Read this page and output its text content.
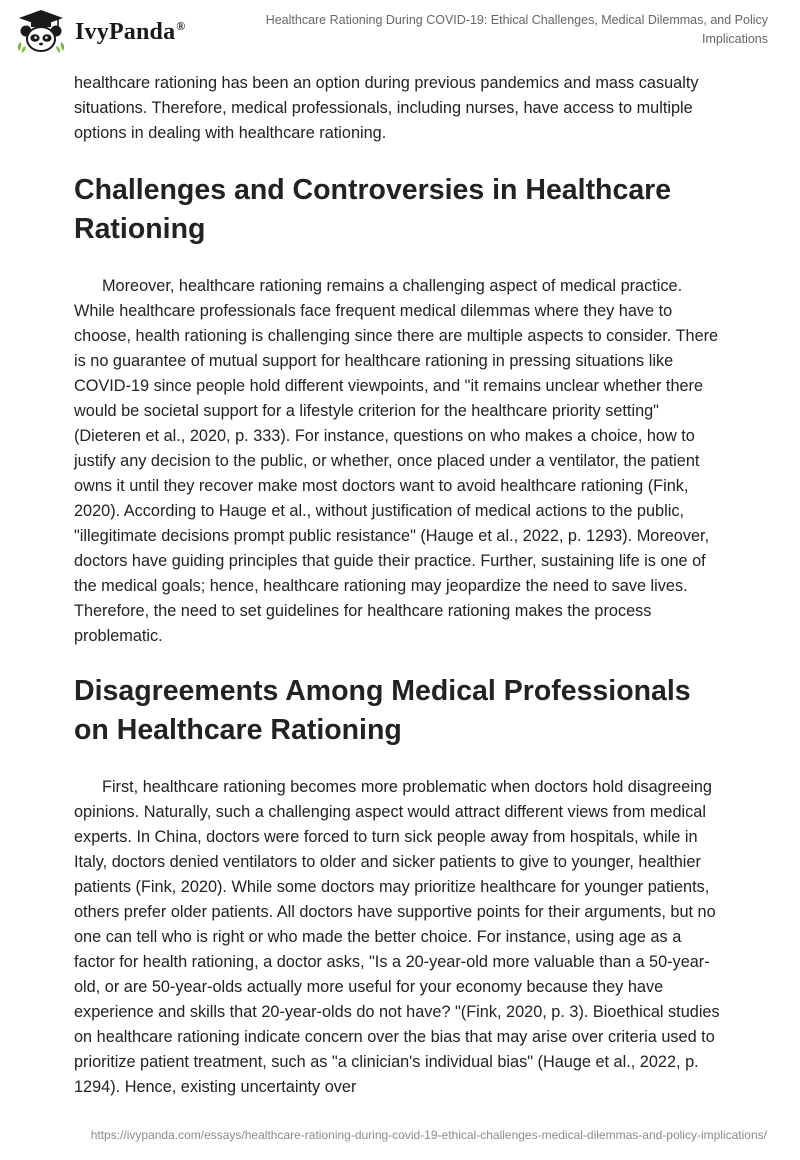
IvyPanda®	Healthcare Rationing During COVID-19: Ethical Challenges, Medical Dilemmas, and Policy Implications

healthcare rationing has been an option during previous pandemics and mass casualty situations. Therefore, medical professionals, including nurses, have access to multiple options in dealing with healthcare rationing.

Challenges and Controversies in Healthcare Rationing

Moreover, healthcare rationing remains a challenging aspect of medical practice. While healthcare professionals face frequent medical dilemmas where they have to choose, health rationing is challenging since there are multiple aspects to consider. There is no guarantee of mutual support for healthcare rationing in pressing situations like COVID-19 since people hold different viewpoints, and "it remains unclear whether there would be societal support for a lifestyle criterion for the healthcare priority setting" (Dieteren et al., 2020, p. 333). For instance, questions on who makes a choice, how to justify any decision to the public, or whether, once placed under a ventilator, the patient owns it until they recover make most doctors want to avoid healthcare rationing (Fink, 2020). According to Hauge et al., without justification of medical actions to the public, "illegitimate decisions prompt public resistance" (Hauge et al., 2022, p. 1293). Moreover, doctors have guiding principles that guide their practice. Further, sustaining life is one of the medical goals; hence, healthcare rationing may jeopardize the need to save lives. Therefore, the need to set guidelines for healthcare rationing makes the process problematic.

Disagreements Among Medical Professionals on Healthcare Rationing

First, healthcare rationing becomes more problematic when doctors hold disagreeing opinions. Naturally, such a challenging aspect would attract different views from medical experts. In China, doctors were forced to turn sick people away from hospitals, while in Italy, doctors denied ventilators to older and sicker patients to give to younger, healthier patients (Fink, 2020). While some doctors may prioritize healthcare for younger patients, others prefer older patients. All doctors have supportive points for their arguments, but no one can tell who is right or who made the better choice. For instance, using age as a factor for health rationing, a doctor asks, "Is a 20-year-old more valuable than a 50-year-old, or are 50-year-olds actually more useful for your economy because they have experience and skills that 20-year-olds do not have? "(Fink, 2020, p. 3). Bioethical studies on healthcare rationing indicate concern over the bias that may arise over criteria used to prioritize patient treatment, such as "a clinician's individual bias" (Hauge et al., 2022, p. 1294). Hence, existing uncertainty over

https://ivypanda.com/essays/healthcare-rationing-during-covid-19-ethical-challenges-medical-dilemmas-and-policy-implications/
